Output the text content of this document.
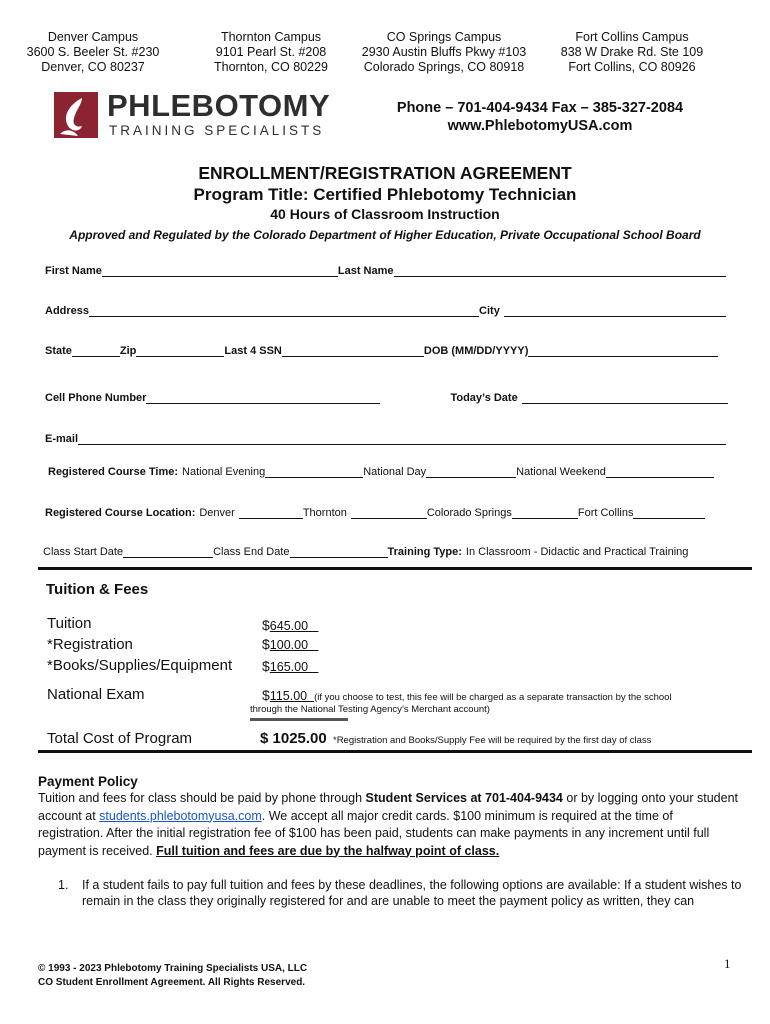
Denver Campus
3600 S. Beeler St. #230
Denver, CO 80237
Thornton Campus
9101 Pearl St. #208
Thornton, CO 80229
CO Springs Campus
2930 Austin Bluffs Pkwy #103
Colorado Springs, CO 80918
Fort Collins Campus
838 W Drake Rd. Ste 109
Fort Collins, CO 80926
PHLEBOTOMY
TRAINING SPECIALISTS
Phone – 701-404-9434 Fax – 385-327-2084
www.PhlebotomyUSA.com
ENROLLMENT/REGISTRATION AGREEMENT
Program Title: Certified Phlebotomy Technician
40 Hours of Classroom Instruction
Approved and Regulated by the Colorado Department of Higher Education, Private Occupational School Board
First Name	Last Name
Address	City
State	Zip	Last 4 SSN	DOB (MM/DD/YYYY)
Cell Phone Number	Today’s Date
E-mail
Registered Course Time: National Evening	National Day	National Weekend
Registered Course Location: Denver	Thornton	Colorado Springs	Fort Collins
Class Start Date	Class End Date	Training Type: In Classroom - Didactic and Practical Training
Tuition & Fees
Tuition	$645.00
*Registration	$100.00
*Books/Supplies/Equipment $165.00
National Exam	$115.00 (if you choose to test, this fee will be charged as a separate transaction by the school
through the National Testing Agency’s Merchant account)
Total Cost of Program	$ 1025.00 *Registration and Books/Supply Fee will be required by the first day of class
Payment Policy
Tuition and fees for class should be paid by phone through Student Services at 701-404-9434 or by logging onto your student account at students.phlebotomyusa.com. We accept all major credit cards. $100 minimum is required at the time of registration. After the initial registration fee of $100 has been paid, students can make payments in any increment until full payment is received. Full tuition and fees are due by the halfway point of class.
1.	If a student fails to pay full tuition and fees by these deadlines, the following options are available: If a student wishes to remain in the class they originally registered for and are unable to meet the payment policy as written, they can
© 1993 - 2023 Phlebotomy Training Specialists USA, LLC
CO Student Enrollment Agreement. All Rights Reserved.
1
